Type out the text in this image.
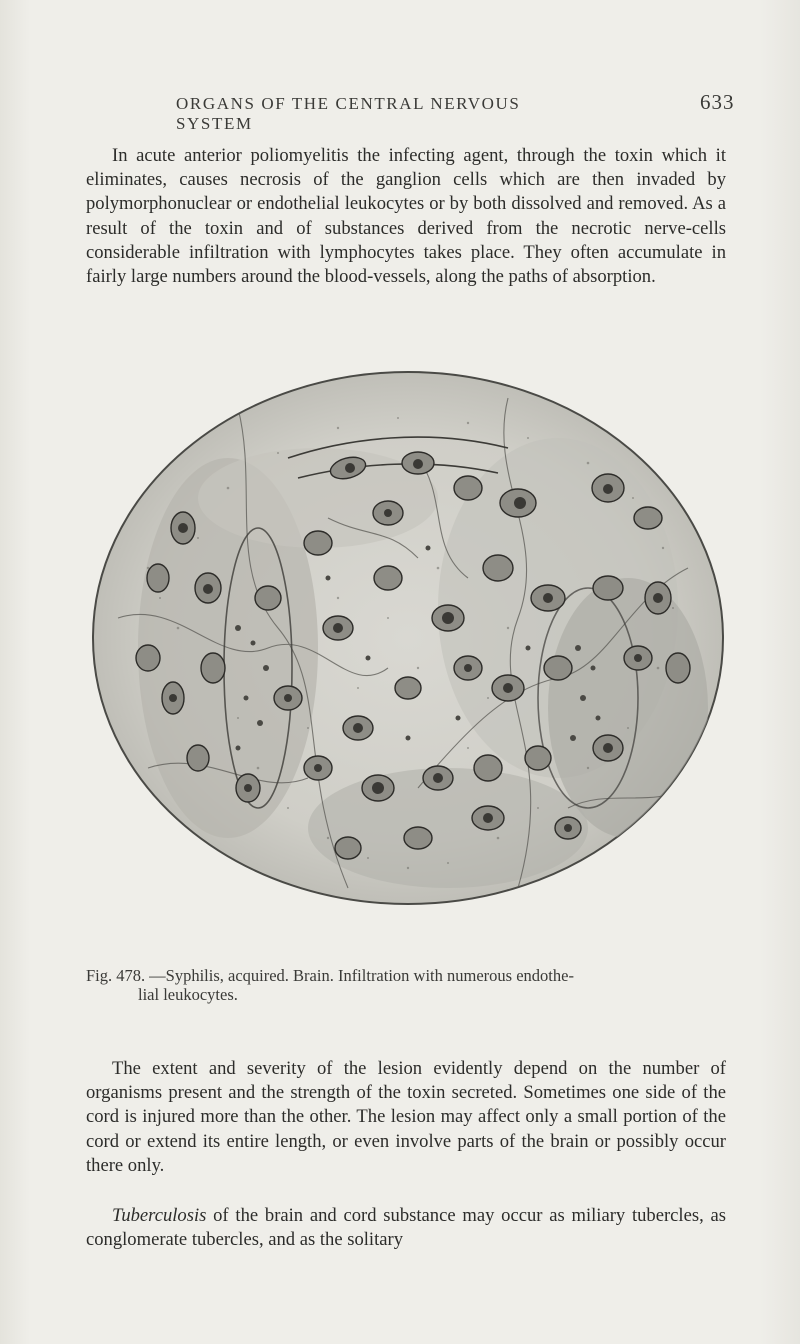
ORGANS OF THE CENTRAL NERVOUS SYSTEM
633

In acute anterior poliomyelitis the infecting agent, through the toxin which it eliminates, causes necrosis of the ganglion cells which are then invaded by polymorphonuclear or endothelial leukocytes or by both dissolved and removed. As a result of the toxin and of substances derived from the necrotic nerve-cells considerable infiltration with lymphocytes takes place. They often accumulate in fairly large numbers around the blood-vessels, along the paths of absorption.

Fig. 478. —Syphilis, acquired. Brain. Infiltration with numerous endothe-
lial leukocytes.

The extent and severity of the lesion evidently depend on the number of organisms present and the strength of the toxin secreted. Sometimes one side of the cord is injured more than the other. The lesion may affect only a small portion of the cord or extend its entire length, or even involve parts of the brain or possibly occur there only.

Tuberculosis of the brain and cord substance may occur as miliary tubercles, as conglomerate tubercles, and as the solitary
